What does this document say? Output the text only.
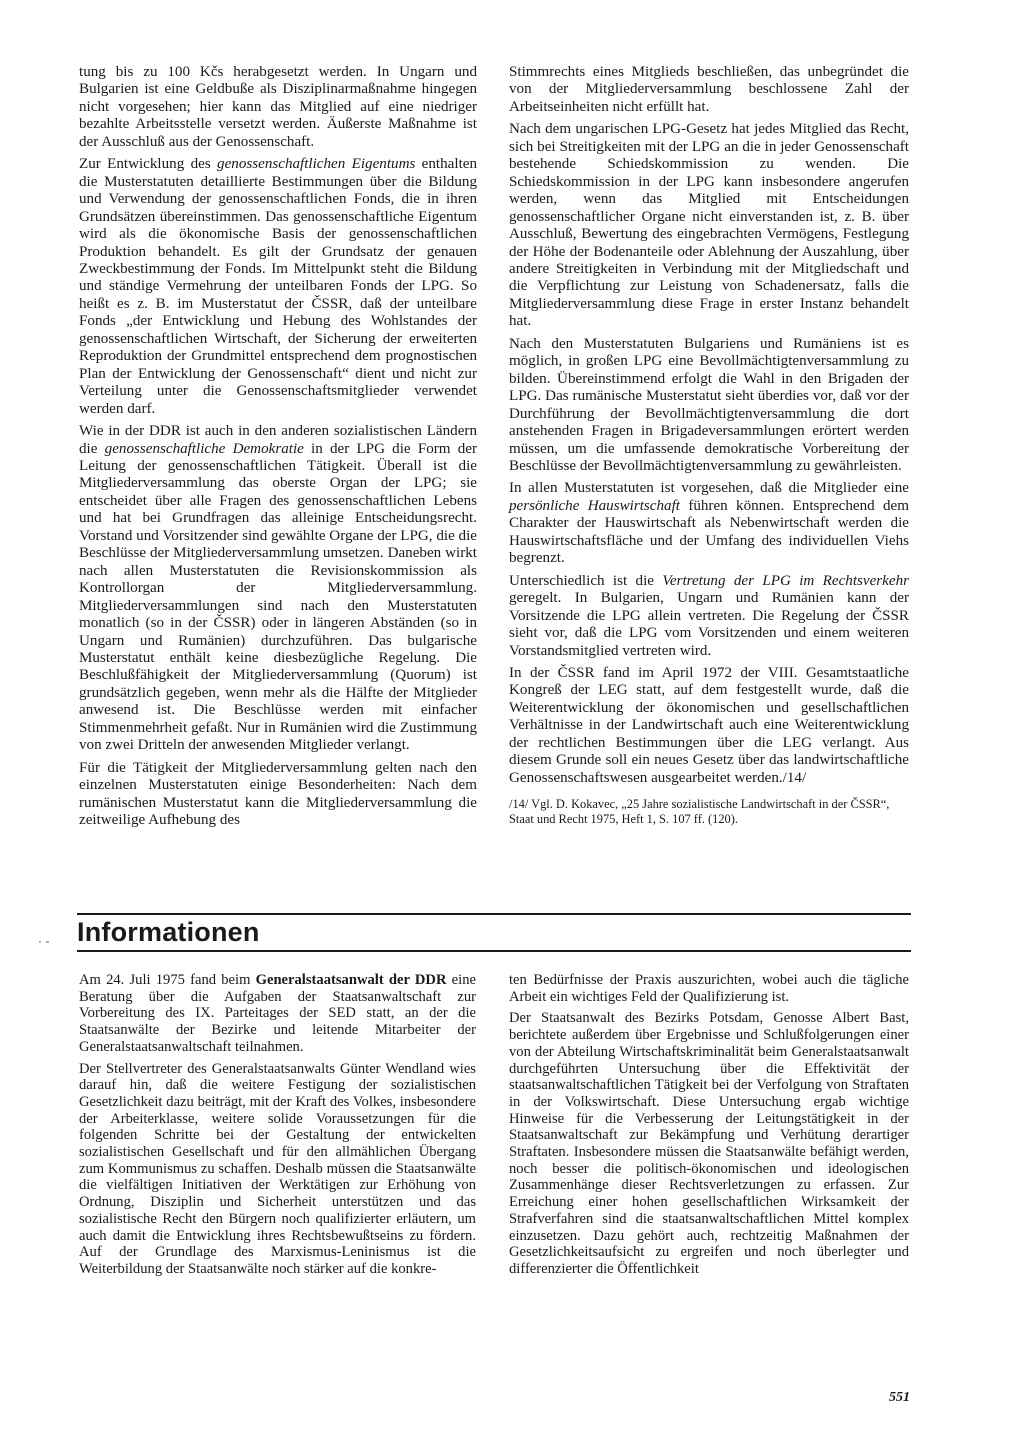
tung bis zu 100 Kčs herabgesetzt werden. In Ungarn und Bulgarien ist eine Geldbuße als Disziplinarmaßnahme hingegen nicht vorgesehen; hier kann das Mitglied auf eine niedriger bezahlte Arbeitsstelle versetzt werden. Äußerste Maßnahme ist der Ausschluß aus der Genossenschaft.

Zur Entwicklung des genossenschaftlichen Eigentums enthalten die Musterstatuten detaillierte Bestimmungen über die Bildung und Verwendung der genossenschaftlichen Fonds, die in ihren Grundsätzen übereinstimmen. Das genossenschaftliche Eigentum wird als die ökonomische Basis der genossenschaftlichen Produktion behandelt. Es gilt der Grundsatz der genauen Zweckbestimmung der Fonds. Im Mittelpunkt steht die Bildung und ständige Vermehrung der unteilbaren Fonds der LPG. So heißt es z. B. im Musterstatut der ČSSR, daß der unteilbare Fonds „der Entwicklung und Hebung des Wohlstandes der genossenschaftlichen Wirtschaft, der Sicherung der erweiterten Reproduktion der Grundmittel entsprechend dem prognostischen Plan der Entwicklung der Genossenschaft“ dient und nicht zur Verteilung unter die Genossenschaftsmitglieder verwendet werden darf.

Wie in der DDR ist auch in den anderen sozialistischen Ländern die genossenschaftliche Demokratie in der LPG die Form der Leitung der genossenschaftlichen Tätigkeit. Überall ist die Mitgliederversammlung das oberste Organ der LPG; sie entscheidet über alle Fragen des genossenschaftlichen Lebens und hat bei Grundfragen das alleinige Entscheidungsrecht. Vorstand und Vorsitzender sind gewählte Organe der LPG, die die Beschlüsse der Mitgliederversammlung umsetzen. Daneben wirkt nach allen Musterstatuten die Revisionskommission als Kontrollorgan der Mitgliederversammlung. Mitgliederversammlungen sind nach den Musterstatuten monatlich (so in der ČSSR) oder in längeren Abständen (so in Ungarn und Rumänien) durchzuführen. Das bulgarische Musterstatut enthält keine diesbezügliche Regelung. Die Beschlußfähigkeit der Mitgliederversammlung (Quorum) ist grundsätzlich gegeben, wenn mehr als die Hälfte der Mitglieder anwesend ist. Die Beschlüsse werden mit einfacher Stimmenmehrheit gefaßt. Nur in Rumänien wird die Zustimmung von zwei Dritteln der anwesenden Mitglieder verlangt.

Für die Tätigkeit der Mitgliederversammlung gelten nach den einzelnen Musterstatuten einige Besonderheiten: Nach dem rumänischen Musterstatut kann die Mitgliederversammlung die zeitweilige Aufhebung des

Stimmrechts eines Mitglieds beschließen, das unbegründet die von der Mitgliederversammlung beschlossene Zahl der Arbeitseinheiten nicht erfüllt hat.

Nach dem ungarischen LPG-Gesetz hat jedes Mitglied das Recht, sich bei Streitigkeiten mit der LPG an die in jeder Genossenschaft bestehende Schiedskommission zu wenden. Die Schiedskommission in der LPG kann insbesondere angerufen werden, wenn das Mitglied mit Entscheidungen genossenschaftlicher Organe nicht einverstanden ist, z. B. über Ausschluß, Bewertung des eingebrachten Vermögens, Festlegung der Höhe der Bodenanteile oder Ablehnung der Auszahlung, über andere Streitigkeiten in Verbindung mit der Mitgliedschaft und die Verpflichtung zur Leistung von Schadenersatz, falls die Mitgliederversammlung diese Frage in erster Instanz behandelt hat.

Nach den Musterstatuten Bulgariens und Rumäniens ist es möglich, in großen LPG eine Bevollmächtigtenversammlung zu bilden. Übereinstimmend erfolgt die Wahl in den Brigaden der LPG. Das rumänische Musterstatut sieht überdies vor, daß vor der Durchführung der Bevollmächtigtenversammlung die dort anstehenden Fragen in Brigadeversammlungen erörtert werden müssen, um die umfassende demokratische Vorbereitung der Beschlüsse der Bevollmächtigtenversammlung zu gewährleisten.

In allen Musterstatuten ist vorgesehen, daß die Mitglieder eine persönliche Hauswirtschaft führen können. Entsprechend dem Charakter der Hauswirtschaft als Nebenwirtschaft werden die Hauswirtschaftsfläche und der Umfang des individuellen Viehs begrenzt.

Unterschiedlich ist die Vertretung der LPG im Rechtsverkehr geregelt. In Bulgarien, Ungarn und Rumänien kann der Vorsitzende die LPG allein vertreten. Die Regelung der ČSSR sieht vor, daß die LPG vom Vorsitzenden und einem weiteren Vorstandsmitglied vertreten wird.

In der ČSSR fand im April 1972 der VIII. Gesamtstaatliche Kongreß der LEG statt, auf dem festgestellt wurde, daß die Weiterentwicklung der ökonomischen und gesellschaftlichen Verhältnisse in der Landwirtschaft auch eine Weiterentwicklung der rechtlichen Bestimmungen über die LEG verlangt. Aus diesem Grunde soll ein neues Gesetz über das landwirtschaftliche Genossenschaftswesen ausgearbeitet werden./14/

/14/ Vgl. D. Kokavec, „25 Jahre sozialistische Landwirtschaft in der ČSSR“, Staat und Recht 1975, Heft 1, S. 107 ff. (120).

· - Informationen

Am 24. Juli 1975 fand beim Generalstaatsanwalt der DDR eine Beratung über die Aufgaben der Staatsanwaltschaft zur Vorbereitung des IX. Parteitages der SED statt, an der die Staatsanwälte der Bezirke und leitende Mitarbeiter der Generalstaatsanwaltschaft teilnahmen.

Der Stellvertreter des Generalstaatsanwalts Günter Wendland wies darauf hin, daß die weitere Festigung der sozialistischen Gesetzlichkeit dazu beiträgt, mit der Kraft des Volkes, insbesondere der Arbeiterklasse, weitere solide Voraussetzungen für die folgenden Schritte bei der Gestaltung der entwickelten sozialistischen Gesellschaft und für den allmählichen Übergang zum Kommunismus zu schaffen. Deshalb müssen die Staatsanwälte die vielfältigen Initiativen der Werktätigen zur Erhöhung von Ordnung, Disziplin und Sicherheit unterstützen und das sozialistische Recht den Bürgern noch qualifizierter erläutern, um auch damit die Entwicklung ihres Rechtsbewußtseins zu fördern. Auf der Grundlage des Marxismus-Leninismus ist die Weiterbildung der Staatsanwälte noch stärker auf die konkre-

ten Bedürfnisse der Praxis auszurichten, wobei auch die tägliche Arbeit ein wichtiges Feld der Qualifizierung ist.

Der Staatsanwalt des Bezirks Potsdam, Genosse Albert Bast, berichtete außerdem über Ergebnisse und Schlußfolgerungen einer von der Abteilung Wirtschaftskriminalität beim Generalstaatsanwalt durchgeführten Untersuchung über die Effektivität der staatsanwaltschaftlichen Tätigkeit bei der Verfolgung von Straftaten in der Volkswirtschaft. Diese Untersuchung ergab wichtige Hinweise für die Verbesserung der Leitungstätigkeit in der Staatsanwaltschaft zur Bekämpfung und Verhütung derartiger Straftaten. Insbesondere müssen die Staatsanwälte befähigt werden, noch besser die politisch-ökonomischen und ideologischen Zusammenhänge dieser Rechtsverletzungen zu erfassen. Zur Erreichung einer hohen gesellschaftlichen Wirksamkeit der Strafverfahren sind die staatsanwaltschaftlichen Mittel komplex einzusetzen. Dazu gehört auch, rechtzeitig Maßnahmen der Gesetzlichkeitsaufsicht zu ergreifen und noch überlegter und differenzierter die Öffentlichkeit

551
